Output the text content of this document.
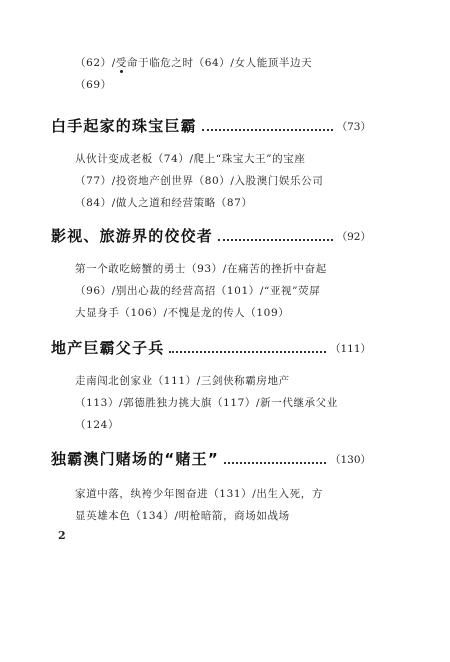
（62）/受命于临危之时（64）/女人能顶半边天
（69）
白手起家的珠宝巨霸	（73）
从伙计变成老板（74）/爬上“珠宝大王”的宝座
（77）/投资地产创世界（80）/入股澳门娱乐公司
（84）/做人之道和经营策略（87）
影视、旅游界的佼佼者	（92）
第一个敢吃螃蟹的勇士（93）/在痛苦的挫折中奋起
（96）/别出心裁的经营高招（101）/“亚视”荧屏
大显身手（106）/不愧是龙的传人（109）
地产巨霸父子兵	（111）
走南闯北创家业（111）/三剑侠称霸房地产
（113）/郭德胜独力挑大旗（117）/新一代继承父业
（124）
独霸澳门赌场的“赌王”	（130）
家道中落，纨袴少年图奋进（131）/出生入死，方
显英雄本色（134）/明枪暗箭，商场如战场
2
